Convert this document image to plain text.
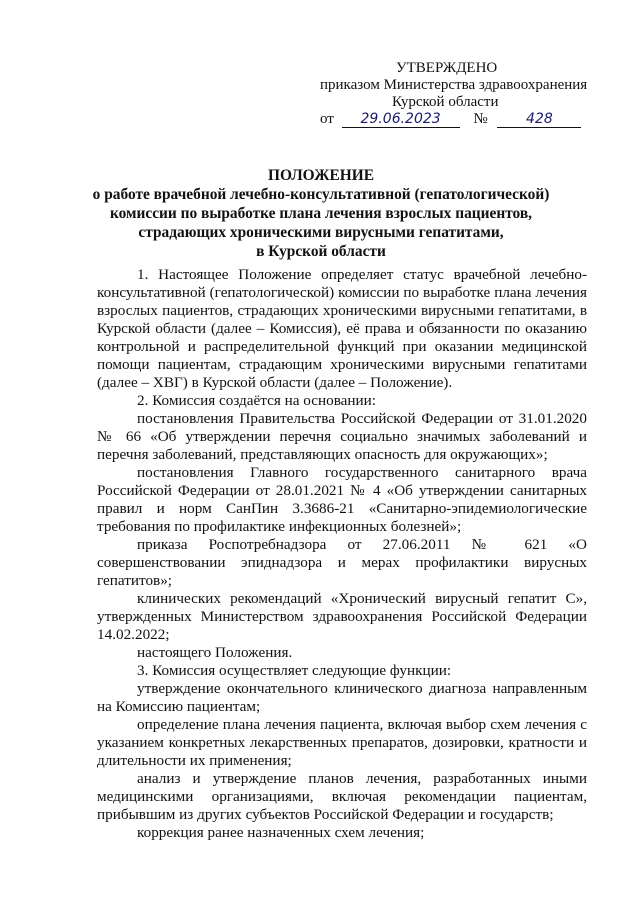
УТВЕРЖДЕНО
приказом Министерства здравоохранения
Курской области
от 29.06.2023 №	428
ПОЛОЖЕНИЕ
о работе врачебной лечебно-консультативной (гепатологической)
комиссии по выработке плана лечения взрослых пациентов,
страдающих хроническими вирусными гепатитами,
в Курской области

1. Настоящее Положение определяет статус врачебной лечебно-консультативной (гепатологической) комиссии по выработке плана лечения взрослых пациентов, страдающих хроническими вирусными гепатитами, в Курской области (далее – Комиссия), её права и обязанности по оказанию контрольной и распределительной функций при оказании медицинской помощи пациентам, страдающим хроническими вирусными гепатитами (далее – ХВГ) в Курской области (далее – Положение).

2. Комиссия создаётся на основании:

постановления Правительства Российской Федерации от 31.01.2020 № 66 «Об утверждении перечня социально значимых заболеваний и перечня заболеваний, представляющих опасность для окружающих»;

постановления Главного государственного санитарного врача Российской Федерации от 28.01.2021 № 4 «Об утверждении санитарных правил и норм СанПин 3.3686-21 «Санитарно-эпидемиологические требования по профилактике инфекционных болезней»;

приказа Роспотребнадзора от 27.06.2011 № 621 «О совершенствовании эпиднадзора и мерах профилактики вирусных гепатитов»;

клинических рекомендаций «Хронический вирусный гепатит С», утвержденных Министерством здравоохранения Российской Федерации 14.02.2022;

настоящего Положения.

3. Комиссия осуществляет следующие функции:

утверждение окончательного клинического диагноза направленным на Комиссию пациентам;

определение плана лечения пациента, включая выбор схем лечения с указанием конкретных лекарственных препаратов, дозировки, кратности и длительности их применения;

анализ и утверждение планов лечения, разработанных иными медицинскими организациями, включая рекомендации пациентам, прибывшим из других субъектов Российской Федерации и государств;

коррекция ранее назначенных схем лечения;
